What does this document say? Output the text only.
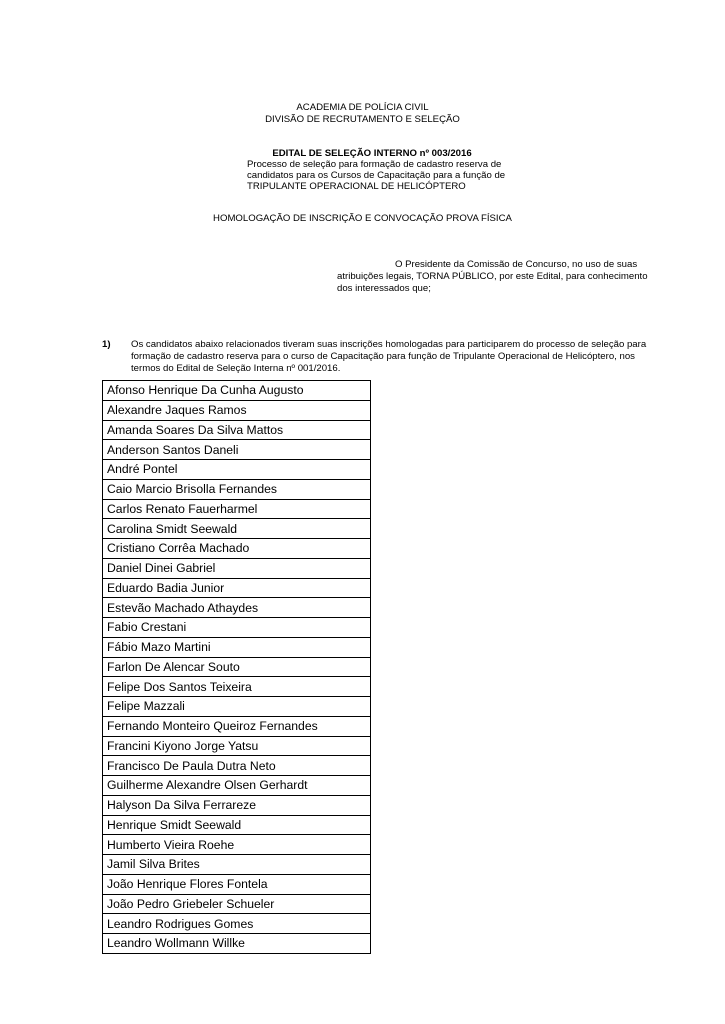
ACADEMIA DE POLÍCIA CIVIL
DIVISÃO DE RECRUTAMENTO E SELEÇÃO
EDITAL DE SELEÇÃO INTERNO nº 003/2016
Processo de seleção para formação de cadastro reserva de
candidatos para os Cursos de Capacitação para a função de
TRIPULANTE OPERACIONAL DE HELICÓPTERO
HOMOLOGAÇÃO DE INSCRIÇÃO E CONVOCAÇÃO PROVA FÍSICA
O Presidente da Comissão de Concurso, no uso de suas
atribuições legais, TORNA PÚBLICO, por este Edital, para conhecimento
dos interessados que;
1) Os candidatos abaixo relacionados tiveram suas inscrições homologadas para participarem do processo de seleção para
formação de cadastro reserva para o curso de Capacitação para função de Tripulante Operacional de Helicóptero, nos
termos do Edital de Seleção Interna nº 001/2016.
Afonso Henrique Da Cunha Augusto
Alexandre Jaques Ramos
Amanda Soares Da Silva Mattos
Anderson Santos Daneli
André Pontel
Caio Marcio Brisolla Fernandes
Carlos Renato Fauerharmel
Carolina Smidt Seewald
Cristiano Corrêa Machado
Daniel Dinei Gabriel
Eduardo Badia Junior
Estevão Machado Athaydes
Fabio Crestani
Fábio Mazo Martini
Farlon De Alencar Souto
Felipe Dos Santos Teixeira
Felipe Mazzali
Fernando Monteiro Queiroz Fernandes
Francini Kiyono Jorge Yatsu
Francisco De Paula Dutra Neto
Guilherme Alexandre Olsen Gerhardt
Halyson Da Silva Ferrareze
Henrique Smidt Seewald
Humberto Vieira Roehe
Jamil Silva Brites
João Henrique Flores Fontela
João Pedro Griebeler Schueler
Leandro Rodrigues Gomes
Leandro Wollmann Willke
